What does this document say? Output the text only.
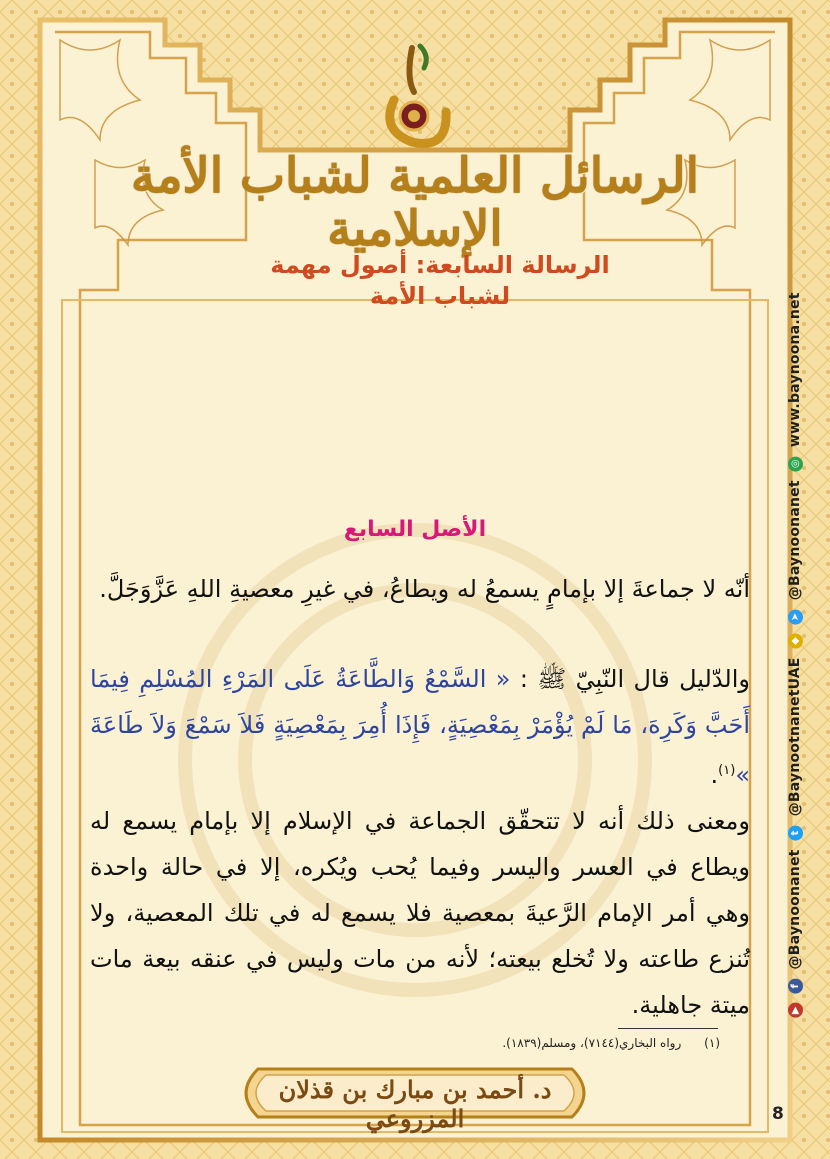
الرسائل العلمية لشباب الأمة الإسلامية
الرسالة السابعة: أصول مهمة
لشباب الأمة
الأصل السابع
أنّه لا جماعةَ إلا بإمامٍ يسمعُ له ويطاعُ، في غيرِ معصيةِ اللهِ عَزَّوَجَلَّ.
والدّليل قال النّبِيّ ﷺ : « السَّمْعُ وَالطَّاعَةُ عَلَى المَرْءِ المُسْلِمِ فِيمَا أَحَبَّ وَكَرِهَ، مَا لَمْ يُؤْمَرْ بِمَعْصِيَةٍ، فَإِذَا أُمِرَ بِمَعْصِيَةٍ فَلاَ سَمْعَ وَلاَ طَاعَةَ »$^{(١)}$.
ومعنى ذلك أنه لا تتحقّق الجماعة في الإسلام إلا بإمام يسمع له ويطاع في العسر واليسر وفيما يُحب ويُكره، إلا في حالة واحدة وهي أمر الإمام الرَّعيةَ بمعصية فلا يسمع له في تلك المعصية، ولا تُنزع طاعته ولا تُخلع بيعته؛ لأنه من مات وليس في عنقه بيعة مات ميتة جاهلية.
(١)      رواه البخاري(٧١٤٤)، ومسلم(١٨٣٩).
د. أحمد بن مبارك بن قذلان المزروعي	8
▶ f @Baynoonanet t @BaynootnanetUAE ◆ ➤ @Baynoonanet ◎ www.baynoona.net
